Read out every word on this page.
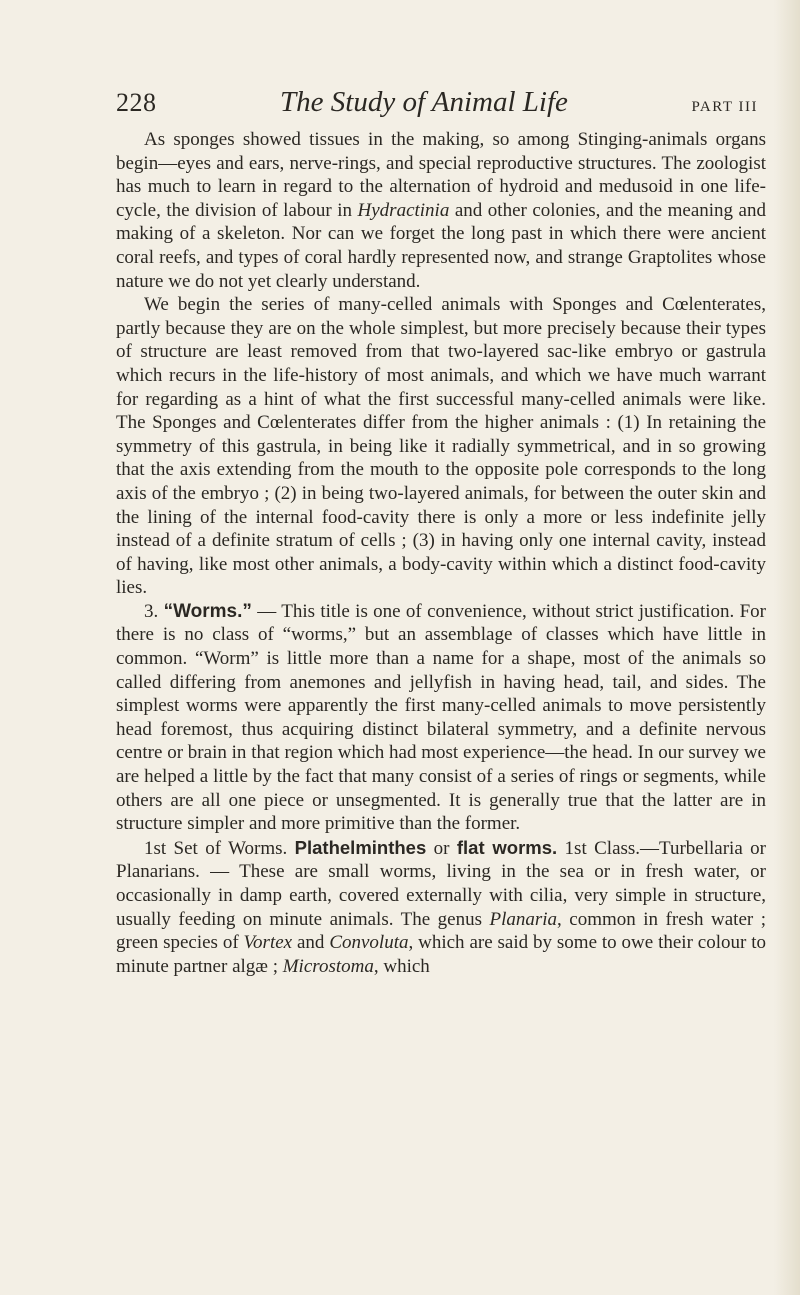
228	The Study of Animal Life	PART III

As sponges showed tissues in the making, so among Stinging-animals organs begin—eyes and ears, nerve-rings, and special reproductive structures. The zoologist has much to learn in regard to the alternation of hydroid and medusoid in one life-cycle, the division of labour in Hydractinia and other colonies, and the meaning and making of a skeleton. Nor can we forget the long past in which there were ancient coral reefs, and types of coral hardly represented now, and strange Graptolites whose nature we do not yet clearly understand.

We begin the series of many-celled animals with Sponges and Cœlenterates, partly because they are on the whole simplest, but more precisely because their types of structure are least removed from that two-layered sac-like embryo or gastrula which recurs in the life-history of most animals, and which we have much warrant for regarding as a hint of what the first successful many-celled animals were like. The Sponges and Cœlenterates differ from the higher animals : (1) In retaining the symmetry of this gastrula, in being like it radially symmetrical, and in so growing that the axis extending from the mouth to the opposite pole corresponds to the long axis of the embryo ; (2) in being two-layered animals, for between the outer skin and the lining of the internal food-cavity there is only a more or less indefinite jelly instead of a definite stratum of cells ; (3) in having only one internal cavity, instead of having, like most other animals, a body-cavity within which a distinct food-cavity lies.

3. “Worms.” — This title is one of convenience, without strict justification. For there is no class of “worms,” but an assemblage of classes which have little in common. “Worm” is little more than a name for a shape, most of the animals so called differing from anemones and jellyfish in having head, tail, and sides. The simplest worms were apparently the first many-celled animals to move persistently head foremost, thus acquiring distinct bilateral symmetry, and a definite nervous centre or brain in that region which had most experience—the head. In our survey we are helped a little by the fact that many consist of a series of rings or segments, while others are all one piece or unsegmented. It is generally true that the latter are in structure simpler and more primitive than the former.

1st Set of Worms. Plathelminthes or flat worms. 1st Class.—Turbellaria or Planarians. — These are small worms, living in the sea or in fresh water, or occasionally in damp earth, covered externally with cilia, very simple in structure, usually feeding on minute animals. The genus Planaria, common in fresh water ; green species of Vortex and Convoluta, which are said by some to owe their colour to minute partner algæ ; Microstoma, which
